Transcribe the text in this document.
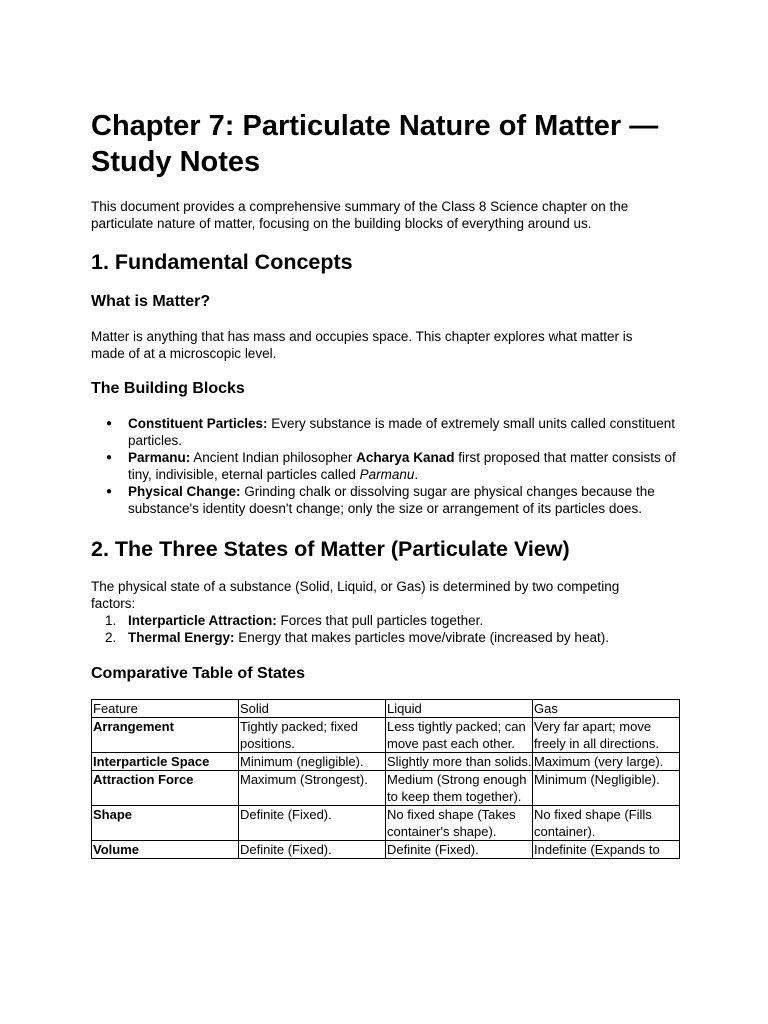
Chapter 7: Particulate Nature of Matter — Study Notes

This document provides a comprehensive summary of the Class 8 Science chapter on the particulate nature of matter, focusing on the building blocks of everything around us.

1. Fundamental Concepts
What is Matter?

Matter is anything that has mass and occupies space. This chapter explores what matter is made of at a microscopic level.

The Building Blocks
● Constituent Particles: Every substance is made of extremely small units called constituent particles.
● Parmanu: Ancient Indian philosopher Acharya Kanad first proposed that matter consists of tiny, indivisible, eternal particles called Parmanu.
● Physical Change: Grinding chalk or dissolving sugar are physical changes because the substance's identity doesn't change; only the size or arrangement of its particles does.
2. The Three States of Matter (Particulate View)

The physical state of a substance (Solid, Liquid, or Gas) is determined by two competing factors:

1. Interparticle Attraction: Forces that pull particles together.
2. Thermal Energy: Energy that makes particles move/vibrate (increased by heat).
Comparative Table of States
Feature	Solid	Liquid	Gas
Arrangement	Tightly packed; fixed positions.	Less tightly packed; can move past each other.	Very far apart; move freely in all directions.
Interparticle Space	Minimum (negligible).	Slightly more than solids.	Maximum (very large).
Attraction Force	Maximum (Strongest).	Medium (Strong enough to keep them together).	Minimum (Negligible).
Shape	Definite (Fixed).	No fixed shape (Takes container's shape).	No fixed shape (Fills container).
Volume	Definite (Fixed).	Definite (Fixed).	Indefinite (Expands to
